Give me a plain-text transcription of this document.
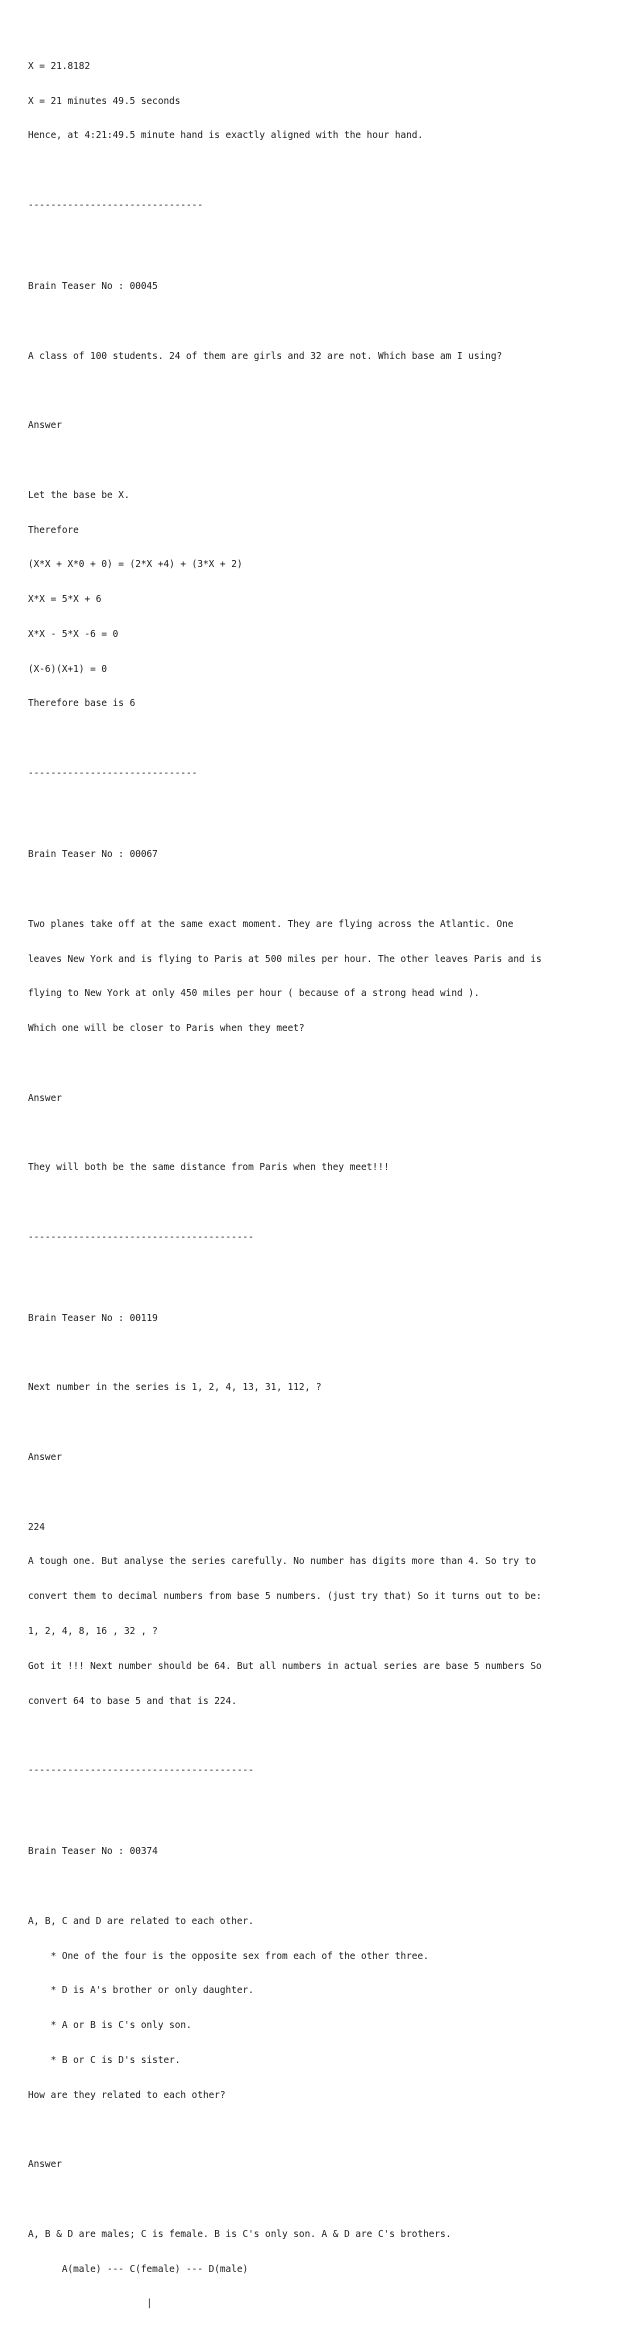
X = 21.8182

X = 21 minutes 49.5 seconds

Hence, at 4:21:49.5 minute hand is exactly aligned with the hour hand.

-------------------------------

Brain Teaser No : 00045

A class of 100 students. 24 of them are girls and 32 are not. Which base am I using?

Answer

Let the base be X.

Therefore

(X*X + X*0 + 0) = (2*X +4) + (3*X + 2)

X*X = 5*X + 6

X*X - 5*X -6 = 0

(X-6)(X+1) = 0

Therefore base is 6

------------------------------

Brain Teaser No : 00067

Two planes take off at the same exact moment. They are flying across the Atlantic. One

leaves New York and is flying to Paris at 500 miles per hour. The other leaves Paris and is

flying to New York at only 450 miles per hour ( because of a strong head wind ).

Which one will be closer to Paris when they meet?

Answer

They will both be the same distance from Paris when they meet!!!

----------------------------------------

Brain Teaser No : 00119

Next number in the series is 1, 2, 4, 13, 31, 112, ?

Answer

224

A tough one. But analyse the series carefully. No number has digits more than 4. So try to

convert them to decimal numbers from base 5 numbers. (just try that) So it turns out to be:

1, 2, 4, 8, 16 , 32 , ?

Got it !!! Next number should be 64. But all numbers in actual series are base 5 numbers So

convert 64 to base 5 and that is 224.

----------------------------------------

Brain Teaser No : 00374

A, B, C and D are related to each other.

* One of the four is the opposite sex from each of the other three.

* D is A's brother or only daughter.

* A or B is C's only son.

* B or C is D's sister.

How are they related to each other?

Answer

A, B & D are males; C is female. B is C's only son. A & D are C's brothers.

A(male) --- C(female) --- D(male)

|
